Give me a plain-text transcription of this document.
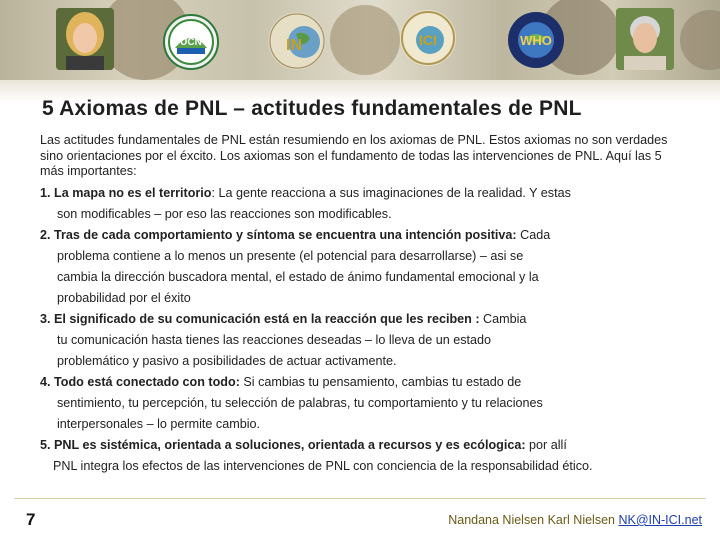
UCN	IN	ICI	WHO
5 Axiomas de PNL – actitudes fundamentales de PNL
Las actitudes fundamentales de PNL están resumiendo en los axiomas de PNL. Estos axiomas no son verdades sino orientaciones por el éxcito. Los axiomas son el fundamento de todas las intervenciones de PNL. Aquí las 5 más importantes:
1. La mapa no es el territorio: La gente reacciona a sus imaginaciones de la realidad. Y estas
son modificables – por eso las reacciones son modificables.
2. Tras de cada comportamiento y síntoma se encuentra una intención positiva: Cada
problema contiene a lo menos un presente (el potencial para desarrollarse) – asi se
cambia la dirección buscadora mental, el estado de ánimo fundamental emocional y la
probabilidad por el éxito
3. El significado de su comunicación está en la reacción que les reciben : Cambia
tu comunicación hasta tienes las reacciones deseadas – lo lleva de un estado
problemático y pasivo a posibilidades de actuar activamente.
4. Todo está conectado con todo: Si cambias tu pensamiento, cambias tu estado de
sentimiento, tu percepción, tu selección de palabras, tu comportamiento y tu relaciones
interpersonales – lo permite cambio.
5. PNL es sistémica, orientada a soluciones, orientada a recursos y es ecólogica: por allí
PNL integra los efectos de las intervenciones de PNL con conciencia de la responsabilidad ético.
7	Nandana Nielsen Karl Nielsen NK@IN-ICI.net
